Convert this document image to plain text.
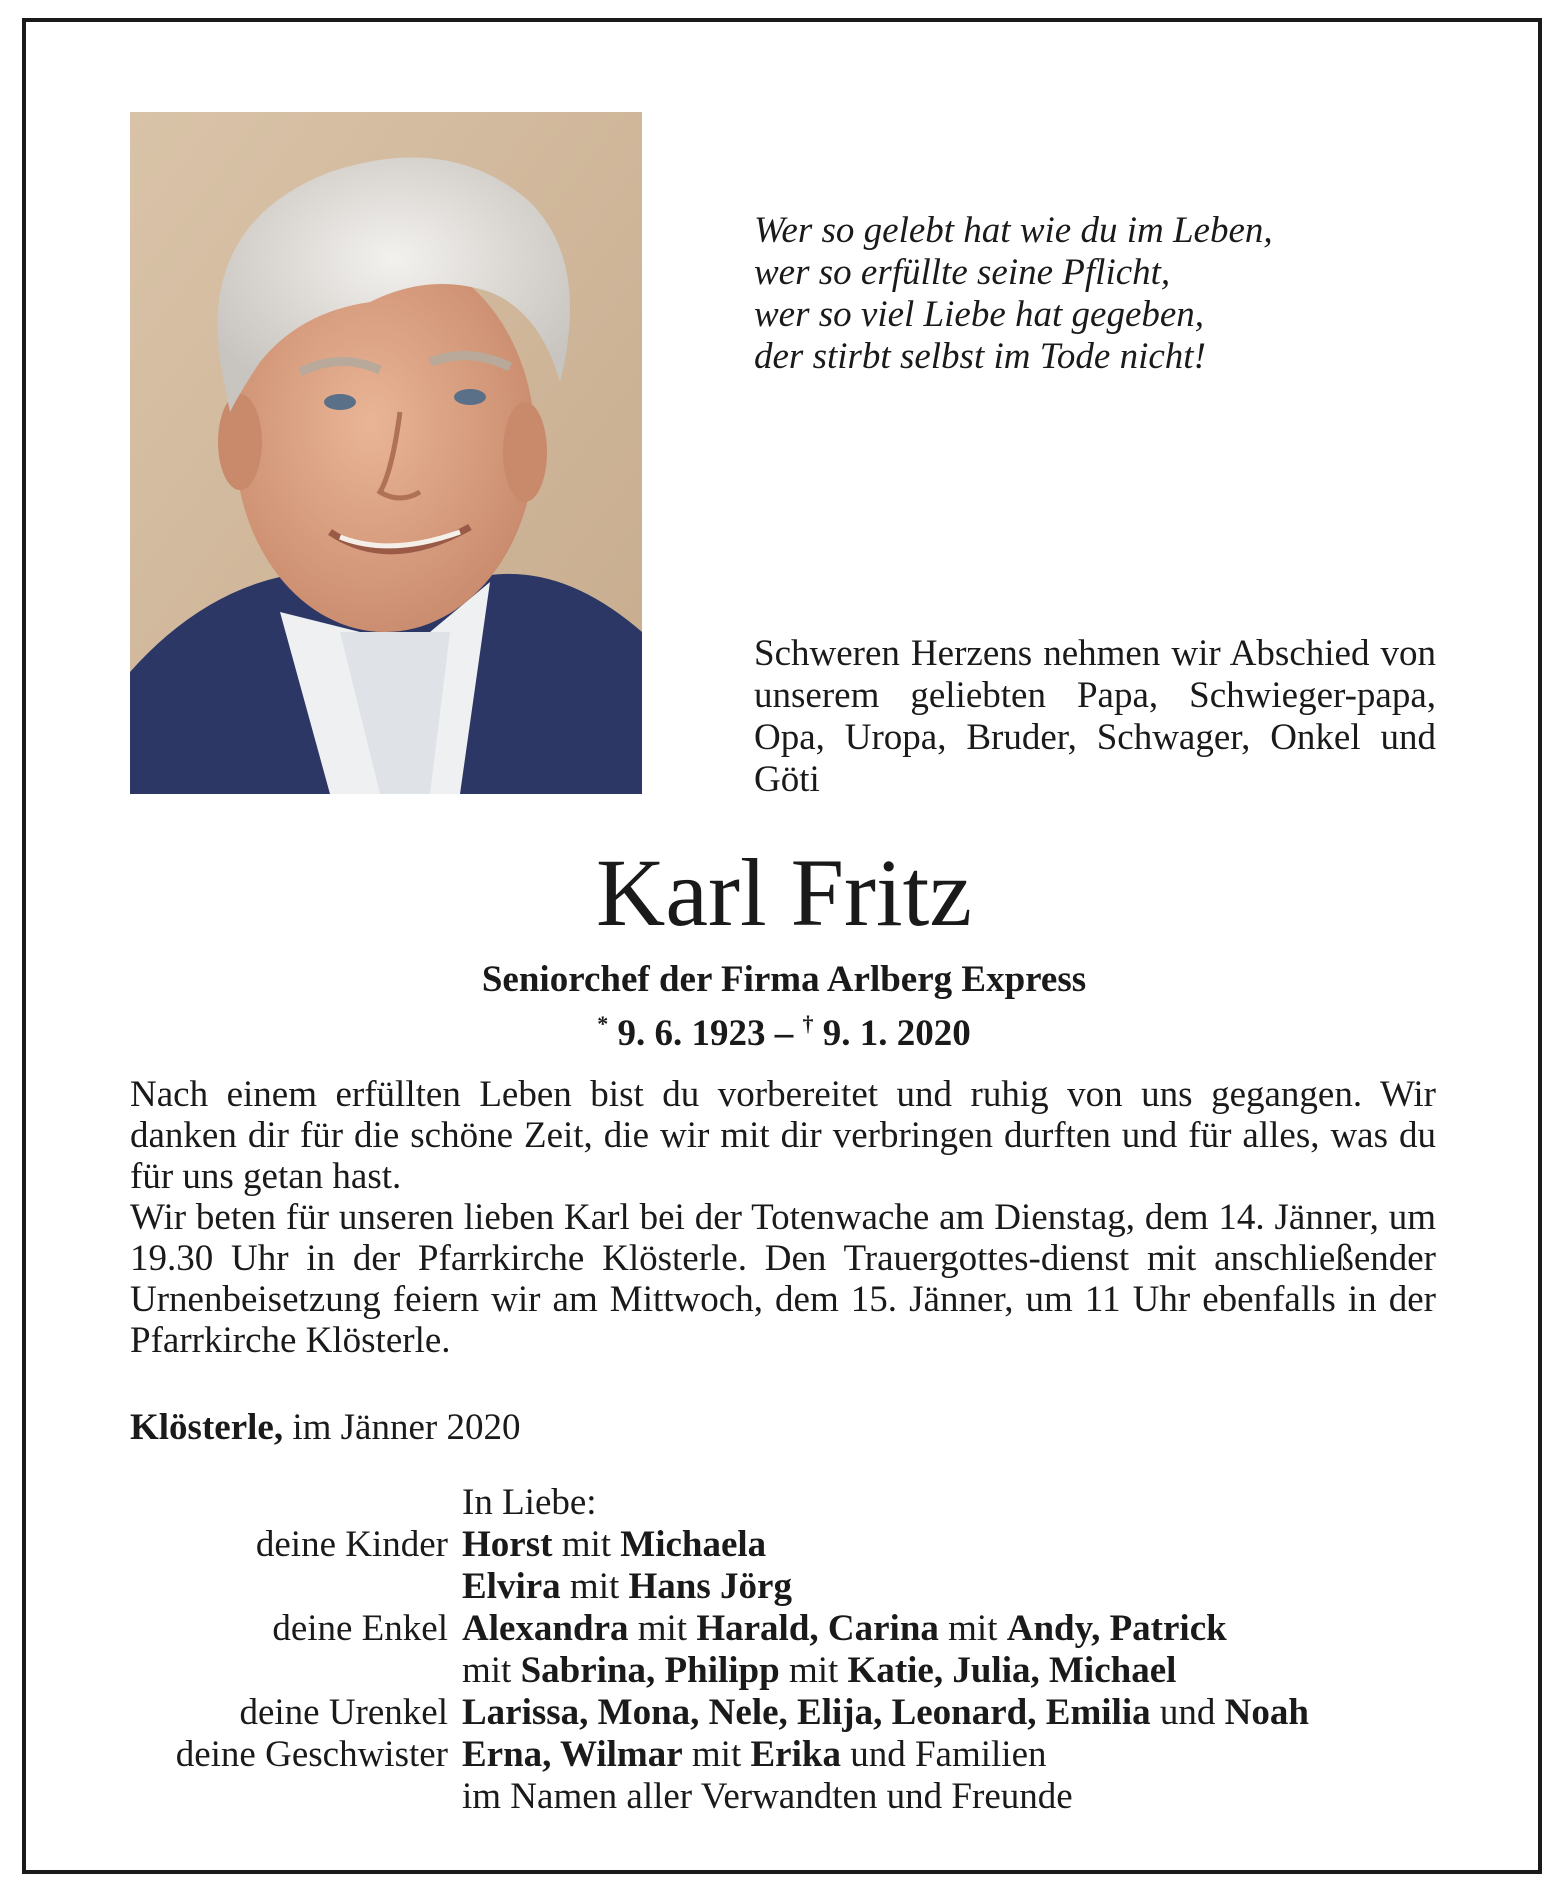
Wer so gelebt hat wie du im Leben,
wer so erfüllte seine Pflicht,
wer so viel Liebe hat gegeben,
der stirbt selbst im Tode nicht!
Schweren Herzens nehmen wir Abschied von unserem geliebten Papa, Schwieger-papa, Opa, Uropa, Bruder, Schwager, Onkel und Göti
Karl Fritz
Seniorchef der Firma Arlberg Express
* 9. 6. 1923 – † 9. 1. 2020

Nach einem erfüllten Leben bist du vorbereitet und ruhig von uns gegangen. Wir danken dir für die schöne Zeit, die wir mit dir verbringen durften und für alles, was du für uns getan hast.

Wir beten für unseren lieben Karl bei der Totenwache am Dienstag, dem 14. Jänner, um 19.30 Uhr in der Pfarrkirche Klösterle. Den Trauergottes-dienst mit anschließender Urnenbeisetzung feiern wir am Mittwoch, dem 15. Jänner, um 11 Uhr ebenfalls in der Pfarrkirche Klösterle.

Klösterle, im Jänner 2020
In Liebe:
deine Kinder Horst mit Michaela
Elvira mit Hans Jörg
deine Enkel Alexandra mit Harald, Carina mit Andy, Patrick
mit Sabrina, Philipp mit Katie, Julia, Michael
deine Urenkel Larissa, Mona, Nele, Elija, Leonard, Emilia und Noah
deine Geschwister Erna, Wilmar mit Erika und Familien
im Namen aller Verwandten und Freunde
